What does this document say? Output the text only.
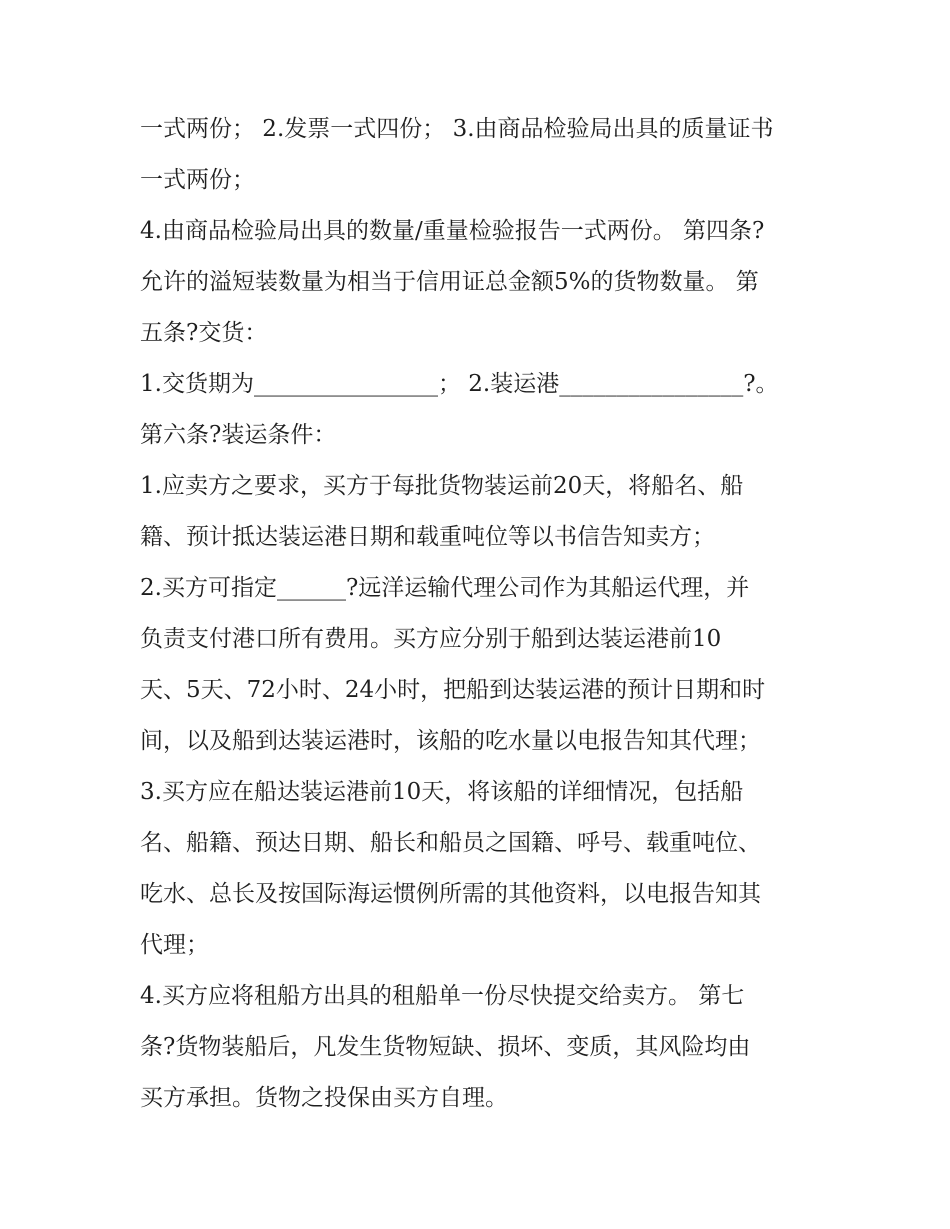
一式两份； 2.发票一式四份； 3.由商品检验局出具的质量证书
一式两份；
4.由商品检验局出具的数量/重量检验报告一式两份。 第四条?
允许的溢短装数量为相当于信用证总金额5%的货物数量。 第
五条?交货：
1.交货期为________________； 2.装运港________________?。
第六条?装运条件：
1.应卖方之要求，买方于每批货物装运前20天，将船名、船
籍、预计抵达装运港日期和载重吨位等以书信告知卖方；
2.买方可指定______?远洋运输代理公司作为其船运代理，并
负责支付港口所有费用。买方应分别于船到达装运港前10
天、5天、72小时、24小时，把船到达装运港的预计日期和时
间，以及船到达装运港时，该船的吃水量以电报告知其代理；
3.买方应在船达装运港前10天，将该船的详细情况，包括船
名、船籍、预达日期、船长和船员之国籍、呼号、载重吨位、
吃水、总长及按国际海运惯例所需的其他资料，以电报告知其
代理；
4.买方应将租船方出具的租船单一份尽快提交给卖方。 第七
条?货物装船后，凡发生货物短缺、损坏、变质，其风险均由
买方承担。货物之投保由买方自理。
